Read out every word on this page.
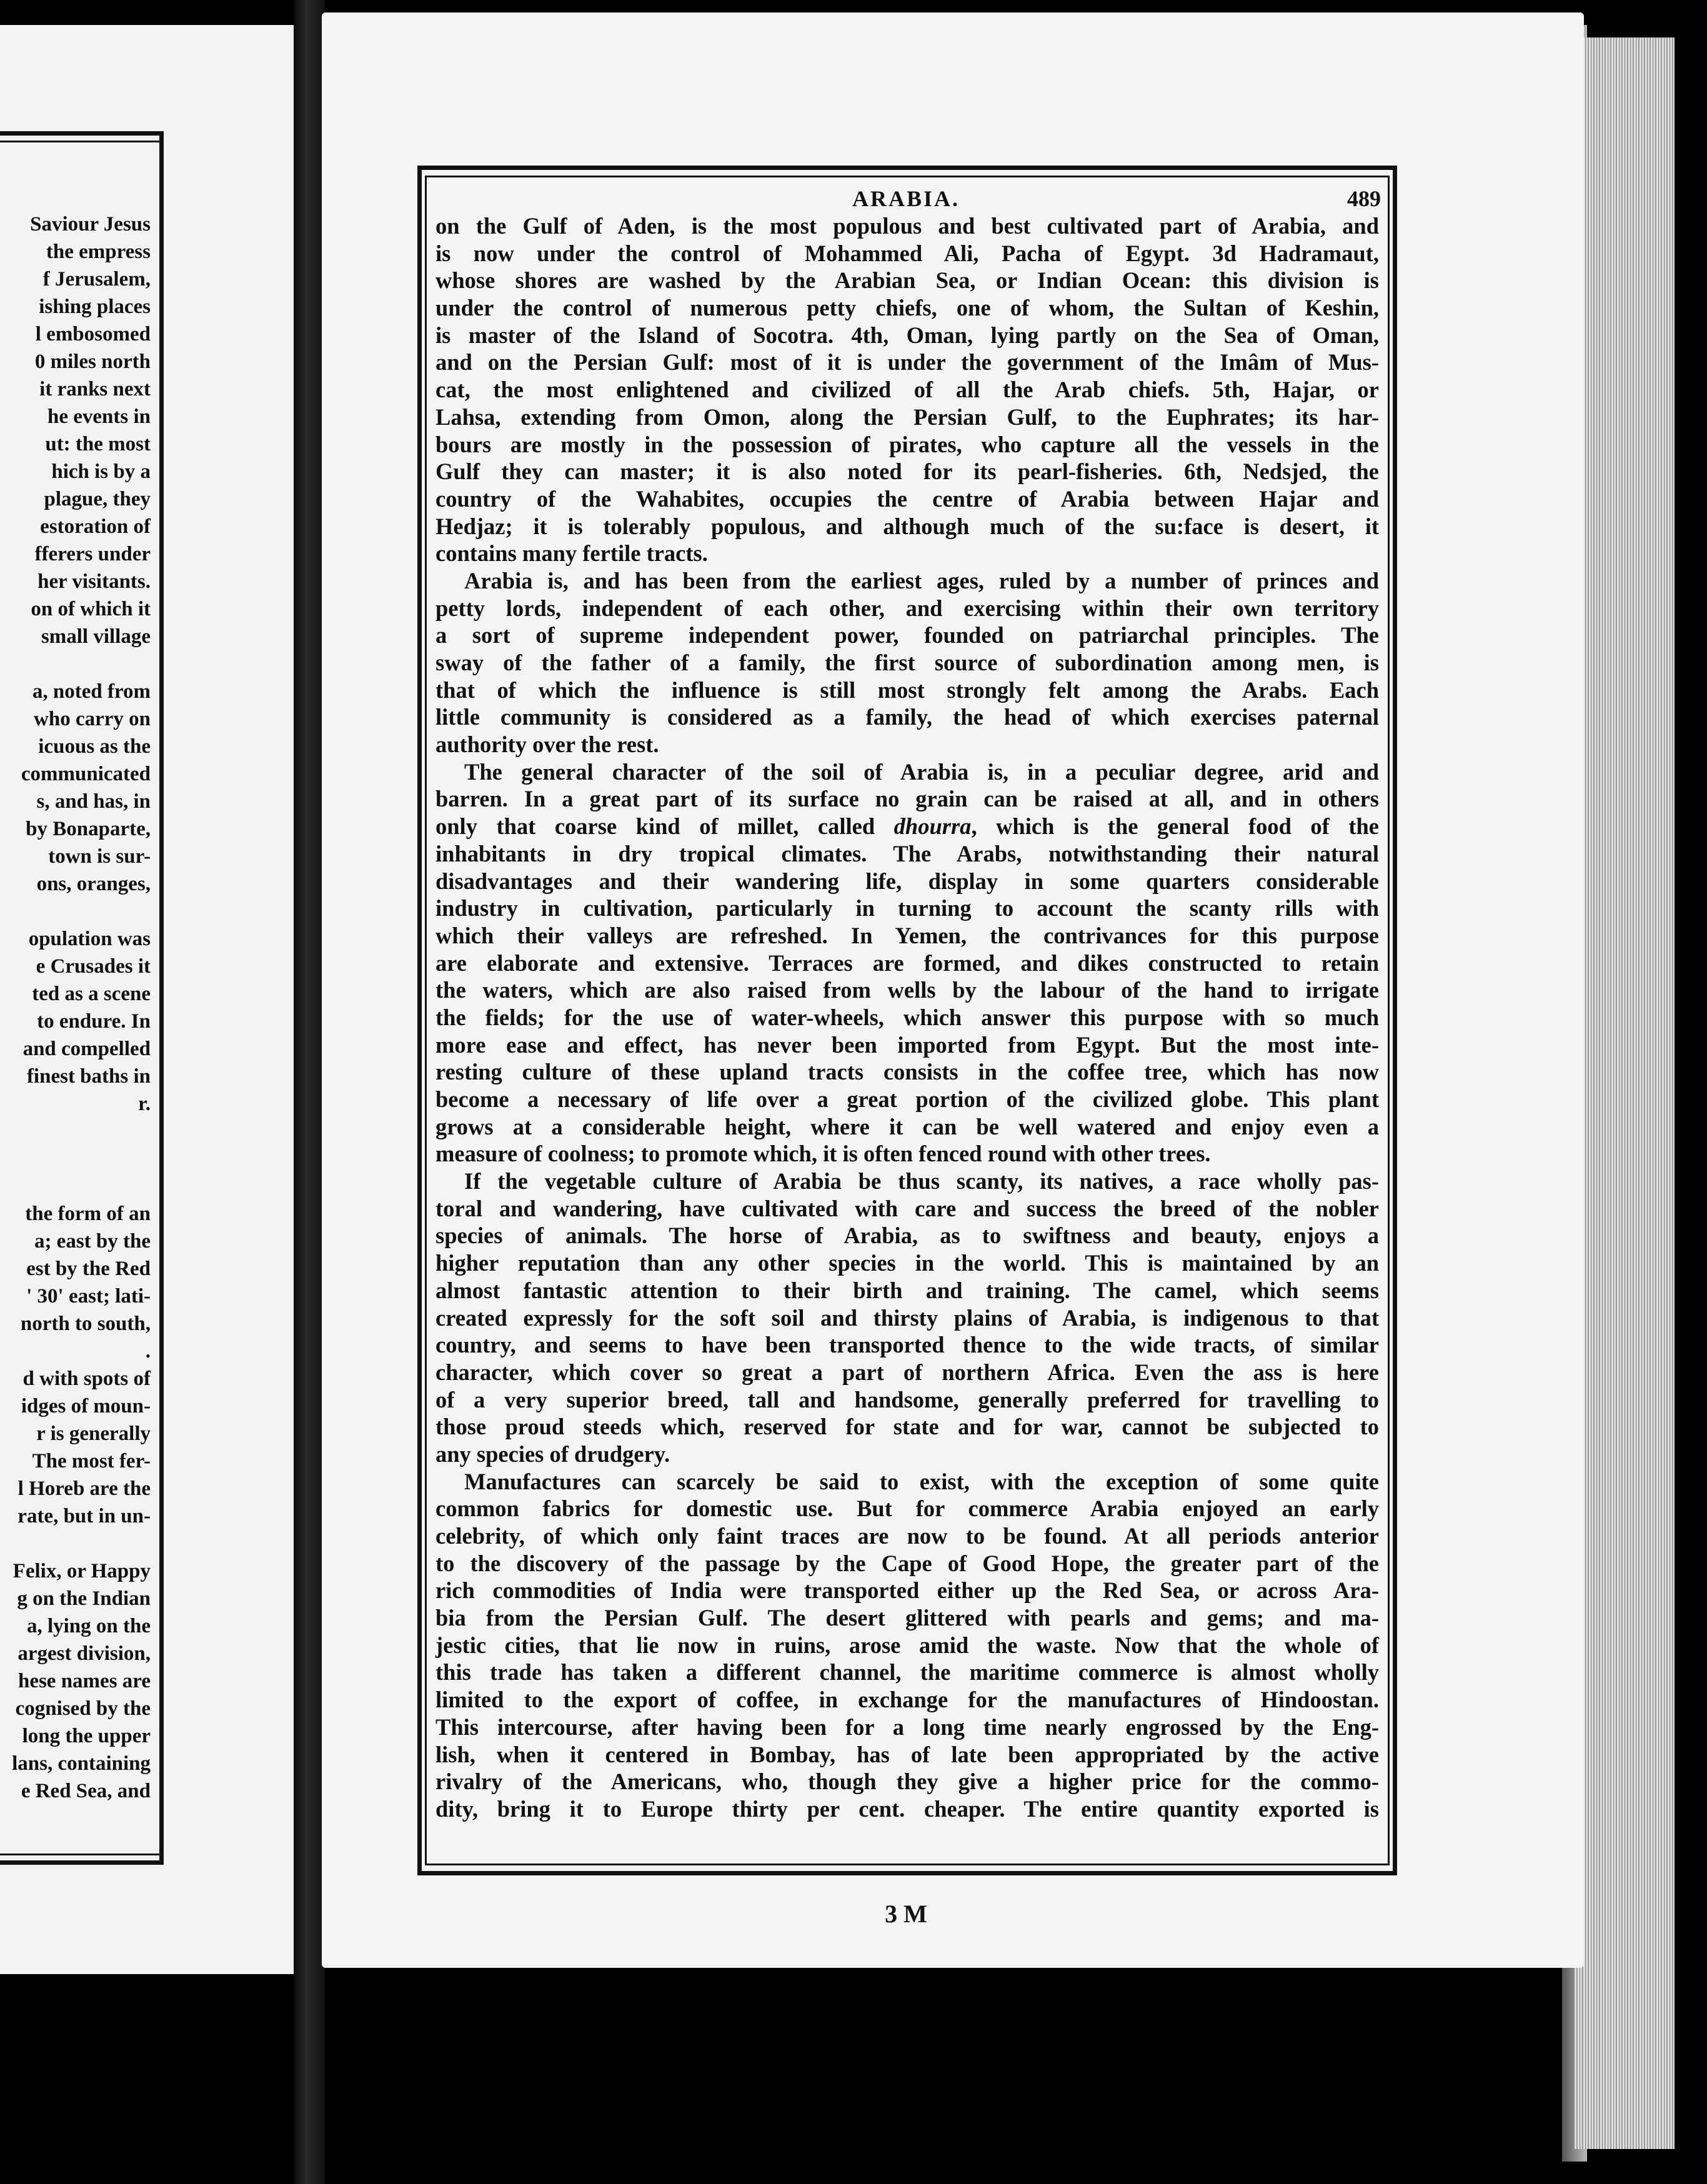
Saviour Jesus
the empress
f Jerusalem,
ishing places
l embosomed
0 miles north
it ranks next
he events in
ut: the most
hich is by a
plague, they
estoration of
fferers under
her visitants.
on of which it
small village
a, noted from
who carry on
icuous as the
communicated
s, and has, in
by Bonaparte,
town is sur-
ons, oranges,
opulation was
e Crusades it
ted as a scene
to endure. In
and compelled
finest baths in
r.
the form of an
a; east by the
est by the Red
' 30' east; lati-
north to south,
.
d with spots of
idges of moun-
r is generally
The most fer-
l Horeb are the
rate, but in un-
Felix, or Happy
g on the Indian
a, lying on the
argest division,
hese names are
cognised by the
long the upper
lans, containing
e Red Sea, and
ARABIA.	489
on the Gulf of Aden, is the most populous and best cultivated part of Arabia, and
is now under the control of Mohammed Ali, Pacha of Egypt. 3d Hadramaut,
whose shores are washed by the Arabian Sea, or Indian Ocean: this division is
under the control of numerous petty chiefs, one of whom, the Sultan of Keshin,
is master of the Island of Socotra. 4th, Oman, lying partly on the Sea of Oman,
and on the Persian Gulf: most of it is under the government of the Imâm of Mus-
cat, the most enlightened and civilized of all the Arab chiefs. 5th, Hajar, or
Lahsa, extending from Omon, along the Persian Gulf, to the Euphrates; its har-
bours are mostly in the possession of pirates, who capture all the vessels in the
Gulf they can master; it is also noted for its pearl-fisheries. 6th, Nedsjed, the
country of the Wahabites, occupies the centre of Arabia between Hajar and
Hedjaz; it is tolerably populous, and although much of the su:face is desert, it
contains many fertile tracts.
Arabia is, and has been from the earliest ages, ruled by a number of princes and
petty lords, independent of each other, and exercising within their own territory
a sort of supreme independent power, founded on patriarchal principles. The
sway of the father of a family, the first source of subordination among men, is
that of which the influence is still most strongly felt among the Arabs. Each
little community is considered as a family, the head of which exercises paternal
authority over the rest.
The general character of the soil of Arabia is, in a peculiar degree, arid and
barren. In a great part of its surface no grain can be raised at all, and in others
only that coarse kind of millet, called dhourra, which is the general food of the
inhabitants in dry tropical climates. The Arabs, notwithstanding their natural
disadvantages and their wandering life, display in some quarters considerable
industry in cultivation, particularly in turning to account the scanty rills with
which their valleys are refreshed. In Yemen, the contrivances for this purpose
are elaborate and extensive. Terraces are formed, and dikes constructed to retain
the waters, which are also raised from wells by the labour of the hand to irrigate
the fields; for the use of water-wheels, which answer this purpose with so much
more ease and effect, has never been imported from Egypt. But the most inte-
resting culture of these upland tracts consists in the coffee tree, which has now
become a necessary of life over a great portion of the civilized globe. This plant
grows at a considerable height, where it can be well watered and enjoy even a
measure of coolness; to promote which, it is often fenced round with other trees.
If the vegetable culture of Arabia be thus scanty, its natives, a race wholly pas-
toral and wandering, have cultivated with care and success the breed of the nobler
species of animals. The horse of Arabia, as to swiftness and beauty, enjoys a
higher reputation than any other species in the world. This is maintained by an
almost fantastic attention to their birth and training. The camel, which seems
created expressly for the soft soil and thirsty plains of Arabia, is indigenous to that
country, and seems to have been transported thence to the wide tracts, of similar
character, which cover so great a part of northern Africa. Even the ass is here
of a very superior breed, tall and handsome, generally preferred for travelling to
those proud steeds which, reserved for state and for war, cannot be subjected to
any species of drudgery.
Manufactures can scarcely be said to exist, with the exception of some quite
common fabrics for domestic use. But for commerce Arabia enjoyed an early
celebrity, of which only faint traces are now to be found. At all periods anterior
to the discovery of the passage by the Cape of Good Hope, the greater part of the
rich commodities of India were transported either up the Red Sea, or across Ara-
bia from the Persian Gulf. The desert glittered with pearls and gems; and ma-
jestic cities, that lie now in ruins, arose amid the waste. Now that the whole of
this trade has taken a different channel, the maritime commerce is almost wholly
limited to the export of coffee, in exchange for the manufactures of Hindoostan.
This intercourse, after having been for a long time nearly engrossed by the Eng-
lish, when it centered in Bombay, has of late been appropriated by the active
rivalry of the Americans, who, though they give a higher price for the commo-
dity, bring it to Europe thirty per cent. cheaper. The entire quantity exported is
3 M
